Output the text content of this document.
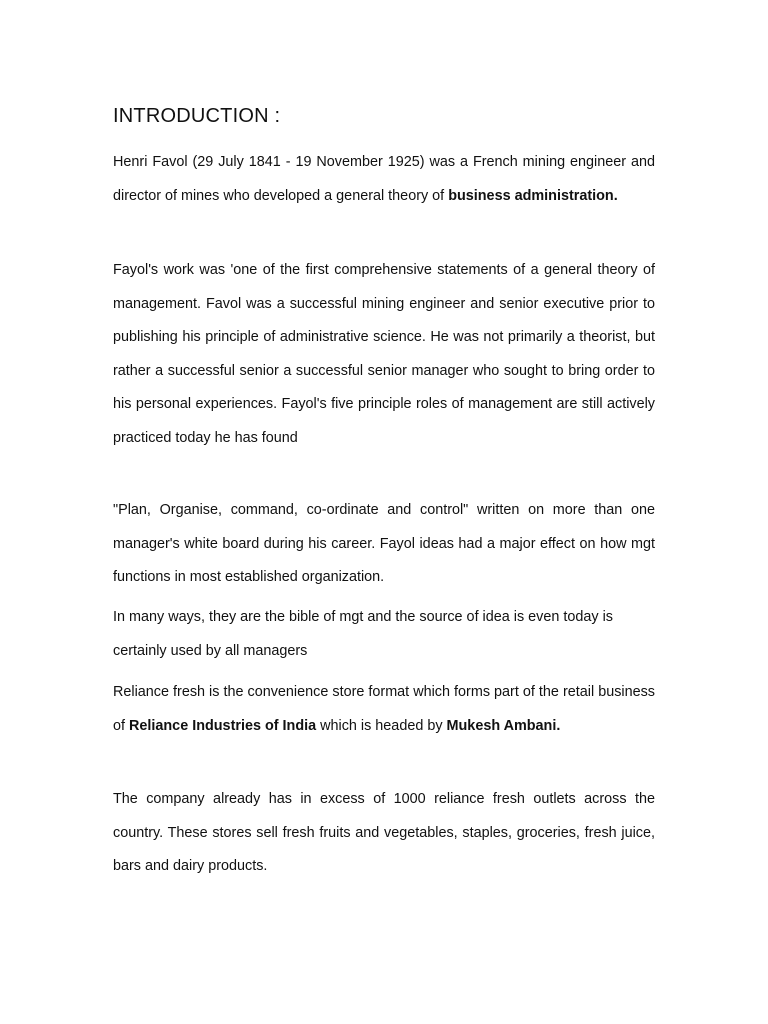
INTRODUCTION :

Henri Favol (29 July 1841 - 19 November 1925) was a French mining engineer and director of mines who developed a general theory of business administration.

Fayol's work was 'one of the first comprehensive statements of a general theory of management. Favol was a successful mining engineer and senior executive prior to publishing his principle of administrative science. He was not primarily a theorist, but rather a successful senior a successful senior manager who sought to bring order to his personal experiences. Fayol's five principle roles of management are still actively practiced today he has found

"Plan, Organise, command, co-ordinate and control" written on more than one manager's white board during his career. Fayol ideas had a major effect on how mgt functions in most established organization.

In many ways, they are the bible of mgt and the source of idea is even today is certainly used by all managers

Reliance fresh is the convenience store format which forms part of the retail business of Reliance Industries of India which is headed by Mukesh Ambani.

The company already has in excess of 1000 reliance fresh outlets across the country. These stores sell fresh fruits and vegetables, staples, groceries, fresh juice, bars and dairy products.
